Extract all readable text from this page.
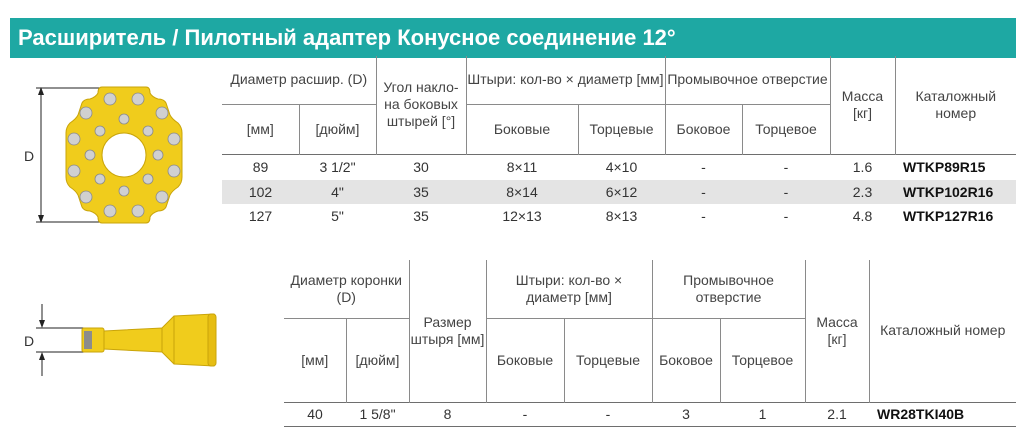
Расширитель / Пилотный адаптер Конусное соединение 12°
D
Диаметр расшир. (D)		Угол накло-на боковых штырей [°]	Штыри: кол-во × диаметр [мм]		Промывочное отверстие		Масса [кг]	Каталожный номер
[мм]	[дюйм]		Боковые	Торцевые	Боковое	Торцевое		
89	3 1/2"	30	8×11	4×10	-	-	1.6	WTKP89R15
102	4"	35	8×14	6×12	-	-	2.3	WTKP102R16
127	5"	35	12×13	8×13	-	-	4.8	WTKP127R16
D
Диаметр коронки (D)		Размер штыря [мм]	Штыри: кол-во × диаметр [мм]		Промывочное отверстие		Масса [кг]	Каталожный номер
[мм]	[дюйм]		Боковые	Торцевые	Боковое	Торцевое		
40	1 5/8"	8	-	-	3	1	2.1	WR28TKI40B
